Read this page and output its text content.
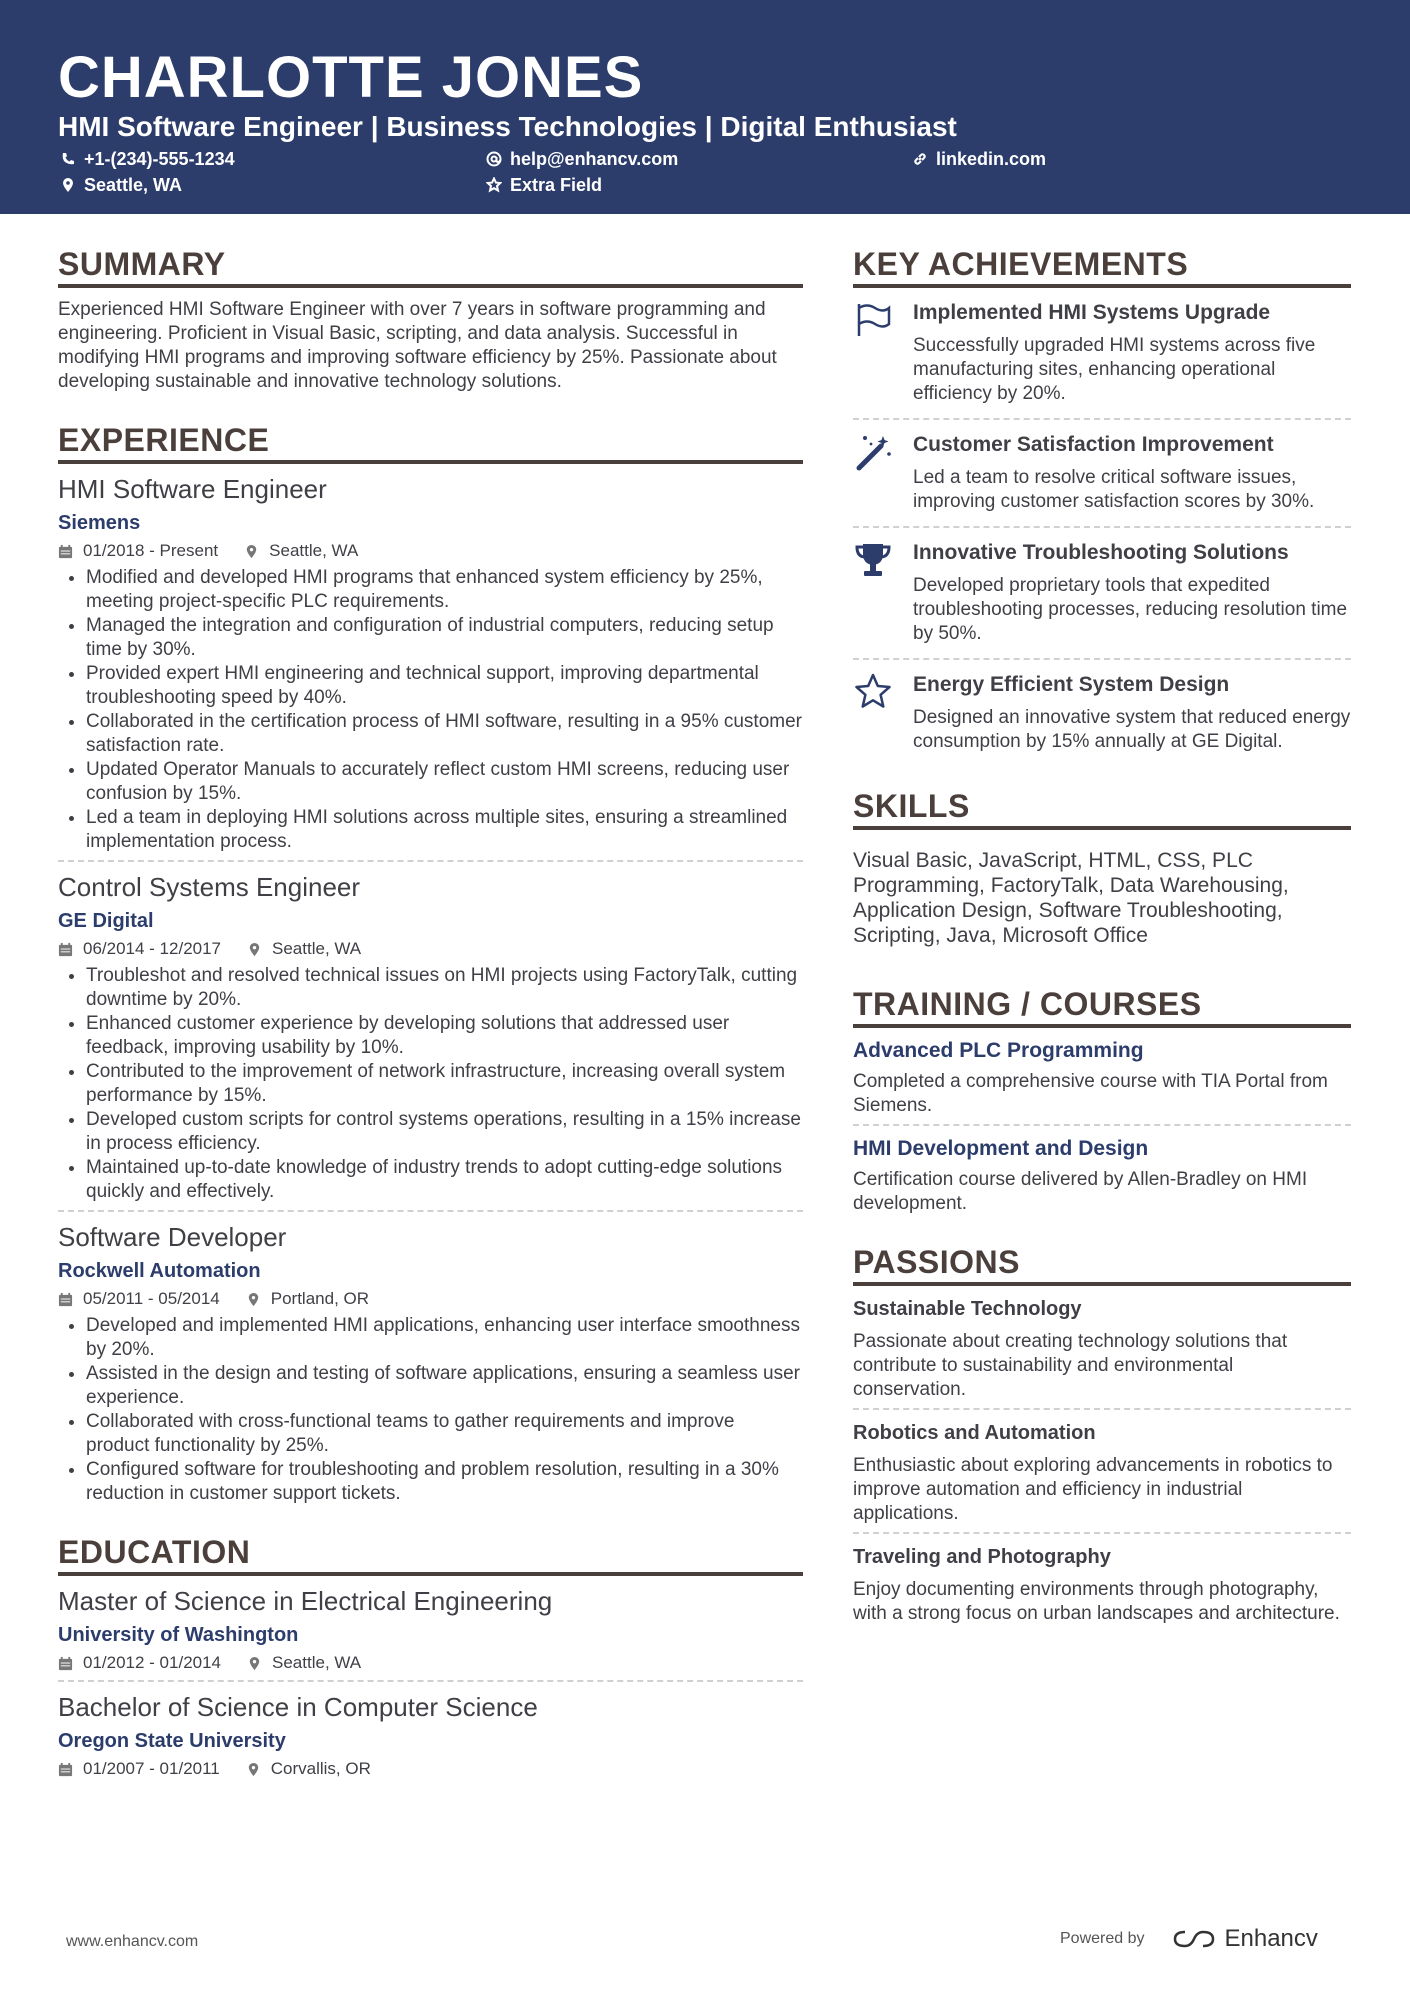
CHARLOTTE JONES
HMI Software Engineer | Business Technologies | Digital Enthusiast
+1-(234)-555-1234	help@enhancv.com	linkedin.com
Seattle, WA	Extra Field
SUMMARY

Experienced HMI Software Engineer with over 7 years in software programming and engineering. Proficient in Visual Basic, scripting, and data analysis. Successful in modifying HMI programs and improving software efficiency by 25%. Passionate about developing sustainable and innovative technology solutions.

EXPERIENCE
HMI Software Engineer
Siemens
01/2018 - Present	Seattle, WA
• Modified and developed HMI programs that enhanced system efficiency by 25%, meeting project-specific PLC requirements.
• Managed the integration and configuration of industrial computers, reducing setup time by 30%.
• Provided expert HMI engineering and technical support, improving departmental troubleshooting speed by 40%.
• Collaborated in the certification process of HMI software, resulting in a 95% customer satisfaction rate.
• Updated Operator Manuals to accurately reflect custom HMI screens, reducing user confusion by 15%.
• Led a team in deploying HMI solutions across multiple sites, ensuring a streamlined implementation process.
Control Systems Engineer
GE Digital
06/2014 - 12/2017	Seattle, WA
• Troubleshot and resolved technical issues on HMI projects using FactoryTalk, cutting downtime by 20%.
• Enhanced customer experience by developing solutions that addressed user feedback, improving usability by 10%.
• Contributed to the improvement of network infrastructure, increasing overall system performance by 15%.
• Developed custom scripts for control systems operations, resulting in a 15% increase in process efficiency.
• Maintained up-to-date knowledge of industry trends to adopt cutting-edge solutions quickly and effectively.
Software Developer
Rockwell Automation
05/2011 - 05/2014	Portland, OR
• Developed and implemented HMI applications, enhancing user interface smoothness by 20%.
• Assisted in the design and testing of software applications, ensuring a seamless user experience.
• Collaborated with cross-functional teams to gather requirements and improve product functionality by 25%.
• Configured software for troubleshooting and problem resolution, resulting in a 30% reduction in customer support tickets.
EDUCATION
Master of Science in Electrical Engineering
University of Washington
01/2012 - 01/2014	Seattle, WA
Bachelor of Science in Computer Science
Oregon State University
01/2007 - 01/2011	Corvallis, OR
KEY ACHIEVEMENTS
Implemented HMI Systems Upgrade

Successfully upgraded HMI systems across five manufacturing sites, enhancing operational efficiency by 20%.

Customer Satisfaction Improvement

Led a team to resolve critical software issues, improving customer satisfaction scores by 30%.

Innovative Troubleshooting Solutions

Developed proprietary tools that expedited troubleshooting processes, reducing resolution time by 50%.

Energy Efficient System Design

Designed an innovative system that reduced energy consumption by 15% annually at GE Digital.

SKILLS

Visual Basic, JavaScript, HTML, CSS, PLC Programming, FactoryTalk, Data Warehousing, Application Design, Software Troubleshooting, Scripting, Java, Microsoft Office

TRAINING / COURSES
Advanced PLC Programming

Completed a comprehensive course with TIA Portal from Siemens.

HMI Development and Design

Certification course delivered by Allen-Bradley on HMI development.

PASSIONS
Sustainable Technology

Passionate about creating technology solutions that contribute to sustainability and environmental conservation.

Robotics and Automation

Enthusiastic about exploring advancements in robotics to improve automation and efficiency in industrial applications.

Traveling and Photography

Enjoy documenting environments through photography, with a strong focus on urban landscapes and architecture.

www.enhancv.com	Powered by	Enhancv
